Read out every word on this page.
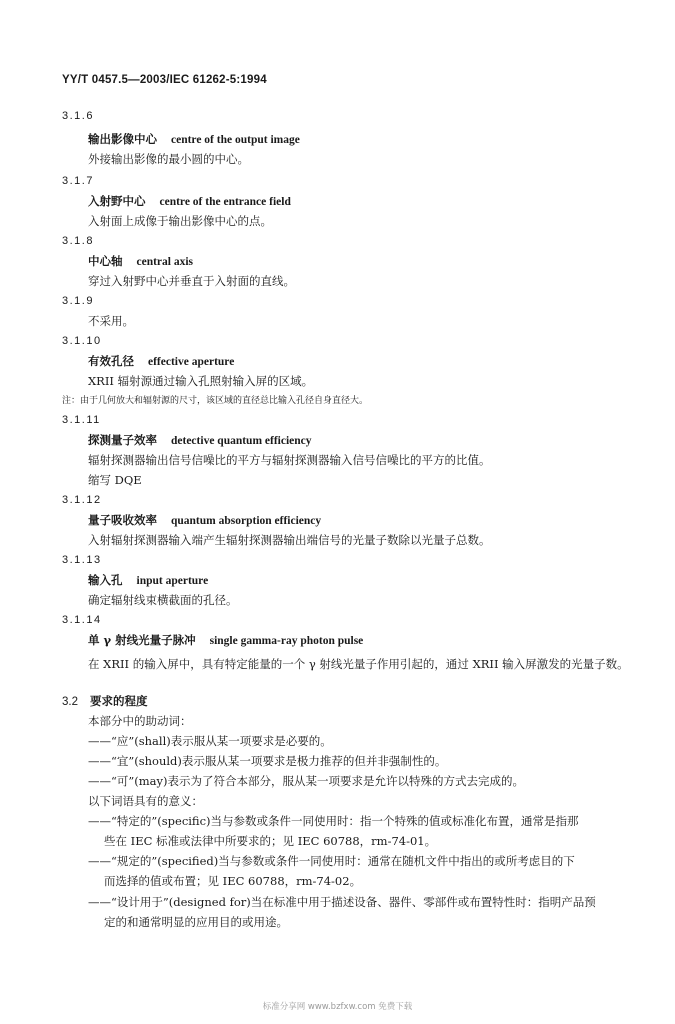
YY/T 0457.5—2003/IEC 61262-5:1994
3.1.6
输出影像中心 centre of the output image
外接输出影像的最小圆的中心。
3.1.7
入射野中心 centre of the entrance field
入射面上成像于输出影像中心的点。
3.1.8
中心轴 central axis
穿过入射野中心并垂直于入射面的直线。
3.1.9
不采用。
3.1.10
有效孔径 effective aperture
XRII 辐射源通过输入孔照射输入屏的区域。
注：由于几何放大和辐射源的尺寸，该区域的直径总比输入孔径自身直径大。
3.1.11
探测量子效率 detective quantum efficiency
辐射探测器输出信号信噪比的平方与辐射探测器输入信号信噪比的平方的比值。
缩写 DQE
3.1.12
量子吸收效率 quantum absorption efficiency
入射辐射探测器输入端产生辐射探测器输出端信号的光量子数除以光量子总数。
3.1.13
输入孔 input aperture
确定辐射线束横截面的孔径。
3.1.14
单 γ 射线光量子脉冲 single gamma-ray photon pulse
在 XRII 的输入屏中，具有特定能量的一个 γ 射线光量子作用引起的，通过 XRII 输入屏激发的光量子数。
3.2 要求的程度
本部分中的助动词：
——“应”(shall)表示服从某一项要求是必要的。
——“宜”(should)表示服从某一项要求是极力推荐的但并非强制性的。
——“可”(may)表示为了符合本部分，服从某一项要求是允许以特殊的方式去完成的。
以下词语具有的意义：
——“特定的”(specific)当与参数或条件一同使用时：指一个特殊的值或标准化布置，通常是指那
些在 IEC 标准或法律中所要求的；见 IEC 60788，rm-74-01。
——“规定的”(specified)当与参数或条件一同使用时：通常在随机文件中指出的或所考虑目的下
而选择的值或布置；见 IEC 60788，rm-74-02。
——“设计用于”(designed for)当在标准中用于描述设备、器件、零部件或布置特性时：指明产品预
定的和通常明显的应用目的或用途。
标准分享网 www.bzfxw.com 免费下载
